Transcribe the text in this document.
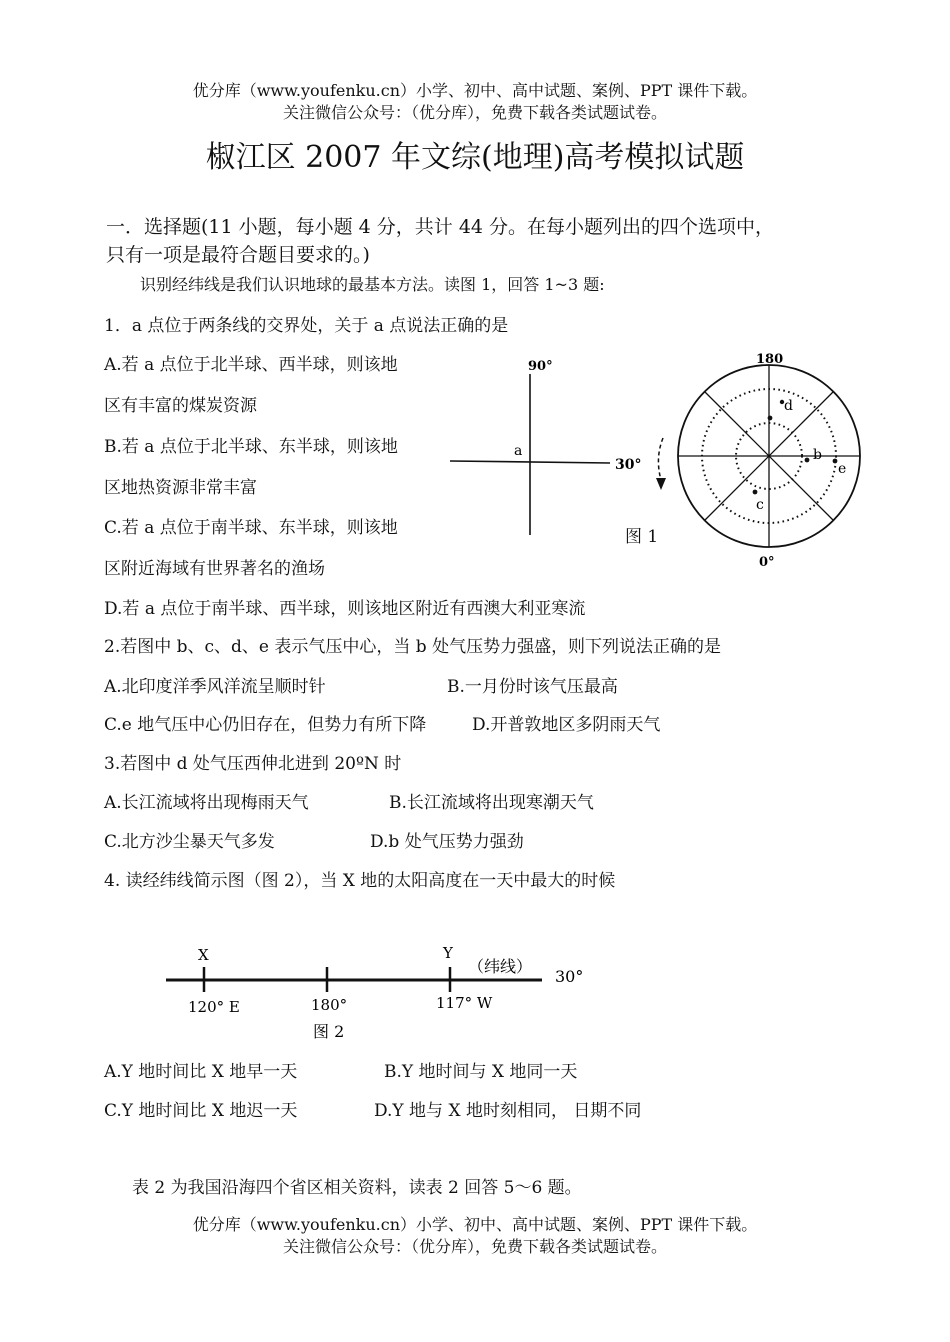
优分库（www.youfenku.cn）小学、初中、高中试题、案例、PPT 课件下载。
关注微信公众号：（优分库），免费下载各类试题试卷。
椒江区 2007 年文综(地理)高考模拟试题
一．选择题(11 小题，每小题 4 分，共计 44 分。在每小题列出的四个选项中，
只有一项是最符合题目要求的。)
识别经纬线是我们认识地球的最基本方法。读图 1，回答 1~3 题:
1．a 点位于两条线的交界处，关于 a 点说法正确的是
A.若 a 点位于北半球、西半球，则该地
区有丰富的煤炭资源
B.若 a 点位于北半球、东半球，则该地
区地热资源非常丰富
C.若 a 点位于南半球、东半球，则该地
区附近海域有世界著名的渔场
D.若 a 点位于南半球、西半球，则该地区附近有西澳大利亚寒流
90°
a
30°
图 1
180
0°
d
b
e
c
2.若图中 b、c、d、e 表示气压中心，当 b 处气压势力强盛，则下列说法正确的是
A.北印度洋季风洋流呈顺时针	B.一月份时该气压最高
C.e 地气压中心仍旧存在，但势力有所下降	D.开普敦地区多阴雨天气
3.若图中 d 处气压西伸北进到 20ºN 时
A.长江流域将出现梅雨天气	B.长江流域将出现寒潮天气
C.北方沙尘暴天气多发	D.b 处气压势力强劲
4. 读经纬线简示图（图 2），当 X 地的太阳高度在一天中最大的时候
X	Y
（纬线）
30°
120° E	180°	117° W
图 2
A.Y 地时间比 X 地早一天	B.Y 地时间与 X 地同一天
C.Y 地时间比 X 地迟一天	D.Y 地与 X 地时刻相同， 日期不同
表 2 为我国沿海四个省区相关资料，读表 2 回答 5～6 题。
优分库（www.youfenku.cn）小学、初中、高中试题、案例、PPT 课件下载。
关注微信公众号：（优分库），免费下载各类试题试卷。
